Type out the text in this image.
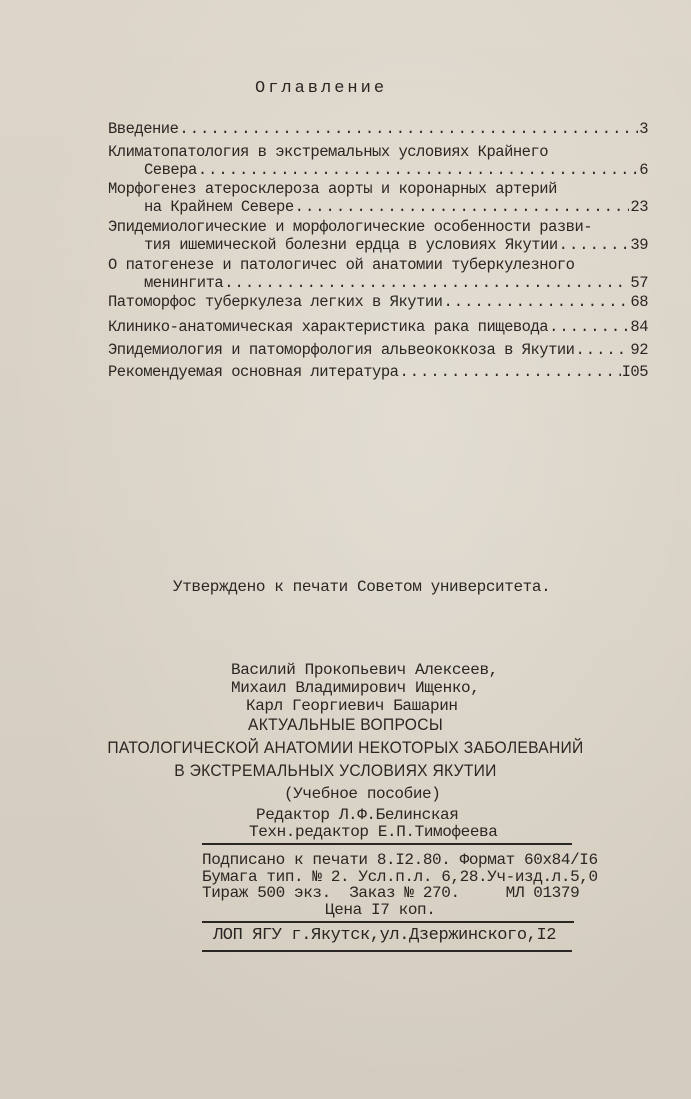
Оглавление
Введение .....	3
Климатопатология в экстремальных условиях Крайнего
Севера .....	6
Морфогенез атеросклероза аорты и коронарных артерий
на Крайнем Севере .....	23
Эпидемиологические и морфологические особенности разви-
тия ишемической болезни ердца в условиях Якутии .....	39
О патогенезе и патологичес ой анатомии туберкулезного
менингита .....	57
Патоморфос туберкулеза легких в Якутии .....	68
Клинико-анатомическая характеристика рака пищевода .....	84
Эпидемиология и патоморфология альвеококкоза в Якутии .....	92
Рекомендуемая основная литература .....	I05
Утверждено к печати Советом университета.
Василий Прокопьевич Алексеев,
Михаил Владимирович Ищенко,
Карл Георгиевич Башарин
АКТУАЛЬНЫЕ ВОПРОСЫ
ПАТОЛОГИЧЕСКОЙ АНАТОМИИ НЕКОТОРЫХ ЗАБОЛЕВАНИЙ
В ЭКСТРЕМАЛЬНЫХ УСЛОВИЯХ ЯКУТИИ
(Учебное пособие)
Редактор Л.Ф.Белинская
Техн.редактор Е.П.Тимофеева
Подписано к печати 8.I2.80. Формат 60х84/I6
Бумага тип. № 2. Усл.п.л. 6,28.Уч-изд.л.5,0
Тираж 500 экз.  Заказ № 270.     МЛ 01379
Цена I7 коп.
ЛОП ЯГУ г.Якутск,ул.Дзержинского,I2
